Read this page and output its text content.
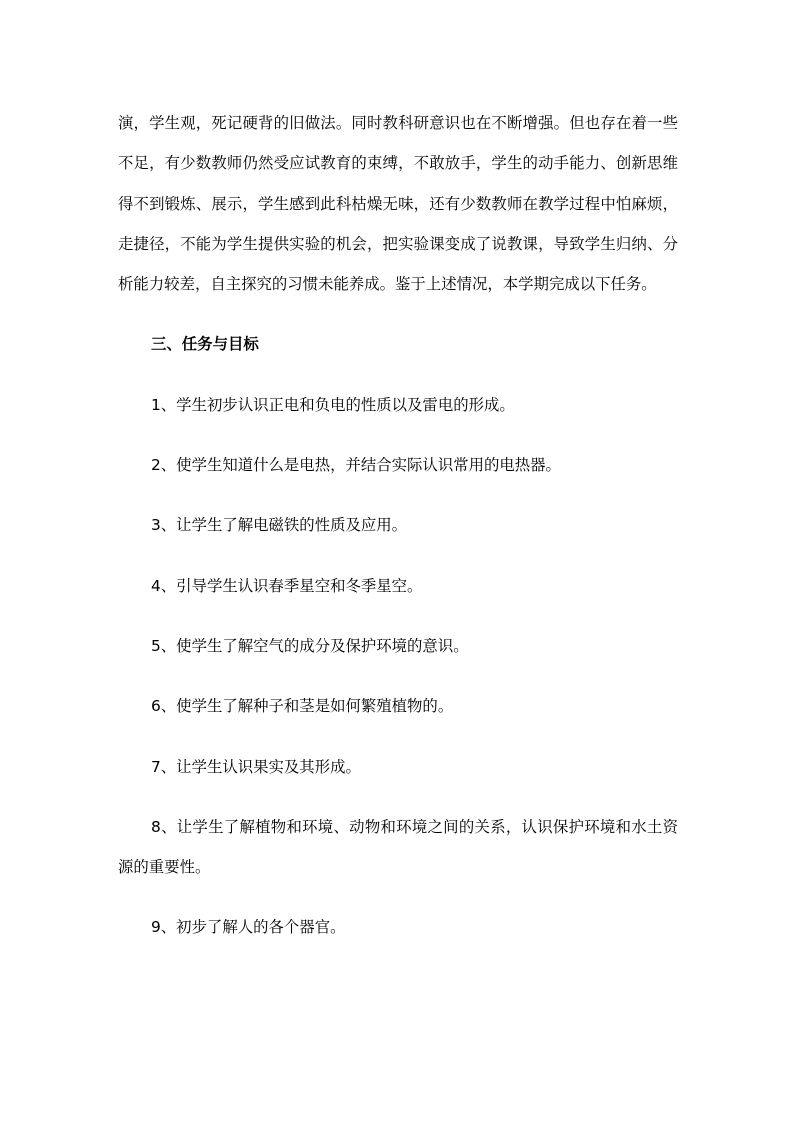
演，学生观，死记硬背的旧做法。同时教科研意识也在不断增强。但也存在着一些不足，有少数教师仍然受应试教育的束缚，不敢放手，学生的动手能力、创新思维得不到锻炼、展示，学生感到此科枯燥无味，还有少数教师在教学过程中怕麻烦，走捷径，不能为学生提供实验的机会，把实验课变成了说教课，导致学生归纳、分析能力较差，自主探究的习惯未能养成。鉴于上述情况，本学期完成以下任务。

三、任务与目标

1、学生初步认识正电和负电的性质以及雷电的形成。

2、使学生知道什么是电热，并结合实际认识常用的电热器。

3、让学生了解电磁铁的性质及应用。

4、引导学生认识春季星空和冬季星空。

5、使学生了解空气的成分及保护环境的意识。

6、使学生了解种子和茎是如何繁殖植物的。

7、让学生认识果实及其形成。

8、让学生了解植物和环境、动物和环境之间的关系，认识保护环境和水土资源的重要性。

9、初步了解人的各个器官。
